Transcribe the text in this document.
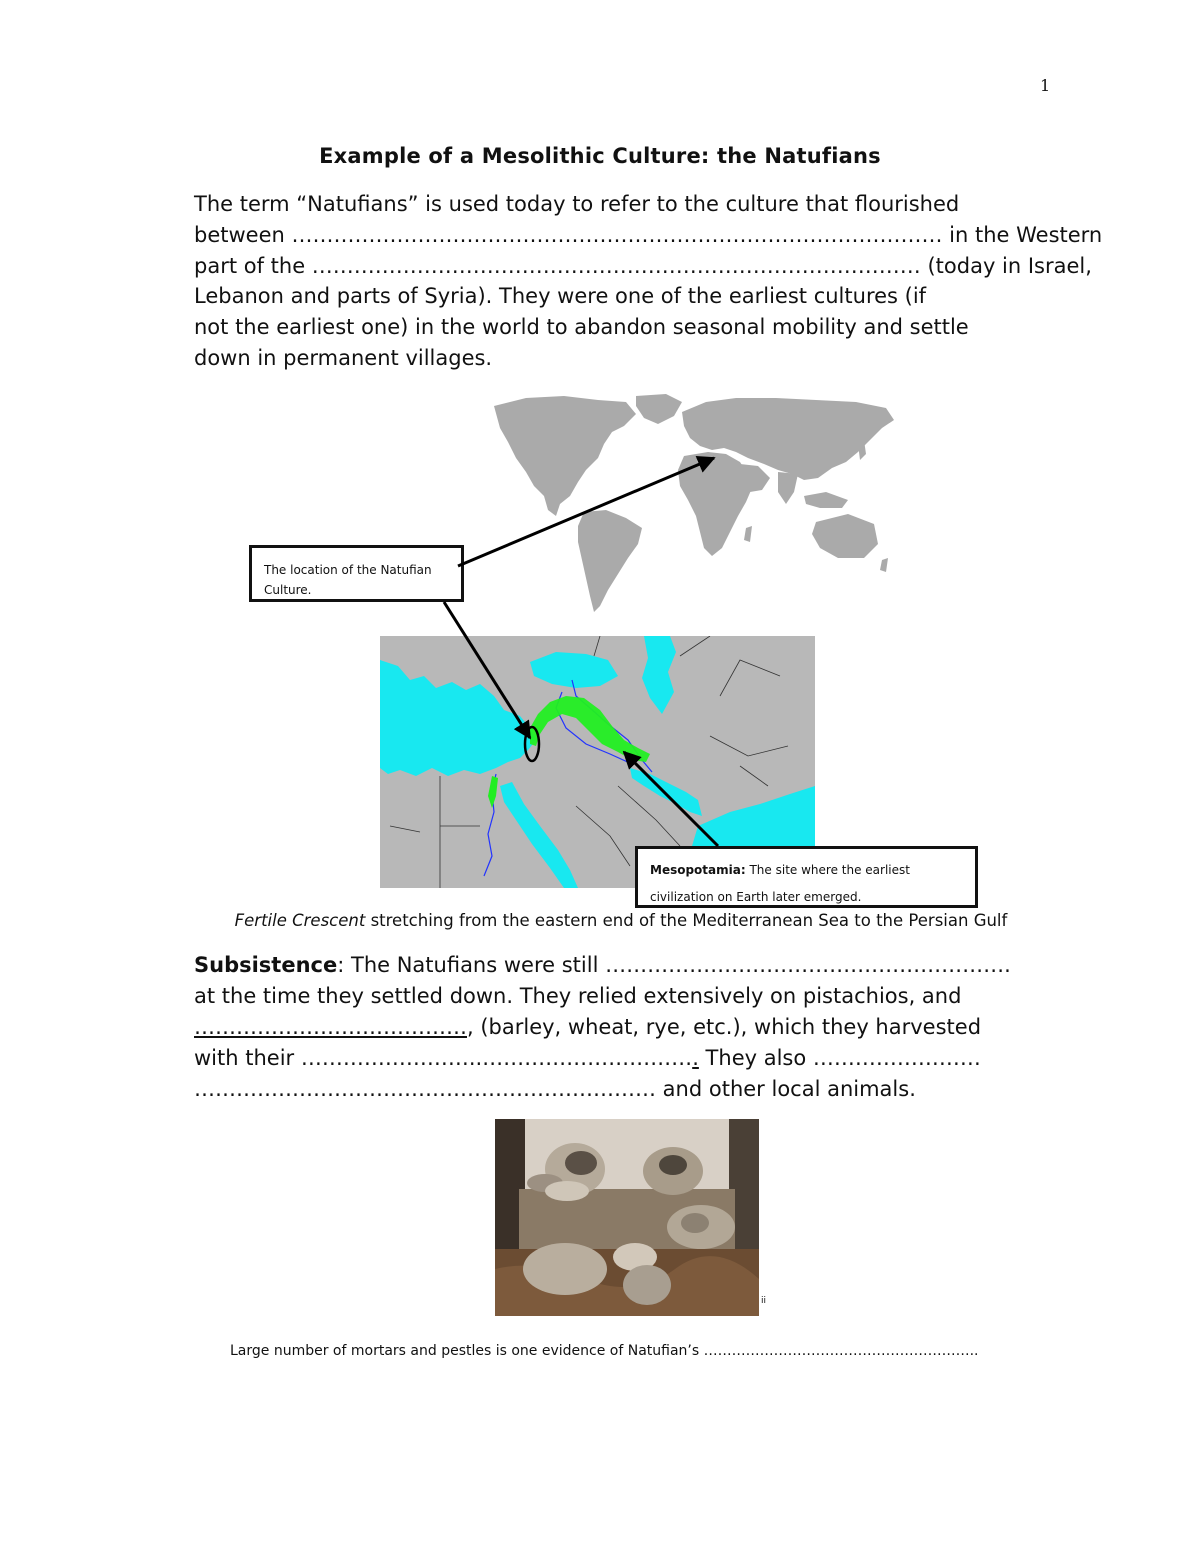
1
Example of a Mesolithic Culture: the Natufians
The term “Natufians” is used today to refer to the culture that flourished
between ………………………………………………………………………………… in the Western
part of the …………………………………………………………………………… (today in Israel,
Lebanon and parts of Syria). They were one of the earliest cultures (if
not the earliest one) in the world to abandon seasonal mobility and settle
down in permanent villages.
The location of the Natufian Culture.
Mesopotamia: The site where the earliest civilization on Earth later emerged.
Fertile Crescent stretching from the eastern end of the Mediterranean Sea to the Persian Gulf
Subsistence: The Natufians were still ………………………………………………….
at the time they settled down. They relied extensively on pistachios, and
…………………………………, (barley, wheat, rye, etc.), which they harvested
with their ……………………..…………………………. They also ……………………
………………………………………………………… and other local animals.
ii
Large number of mortars and pestles is one evidence of Natufian’s …………………………………………………..
